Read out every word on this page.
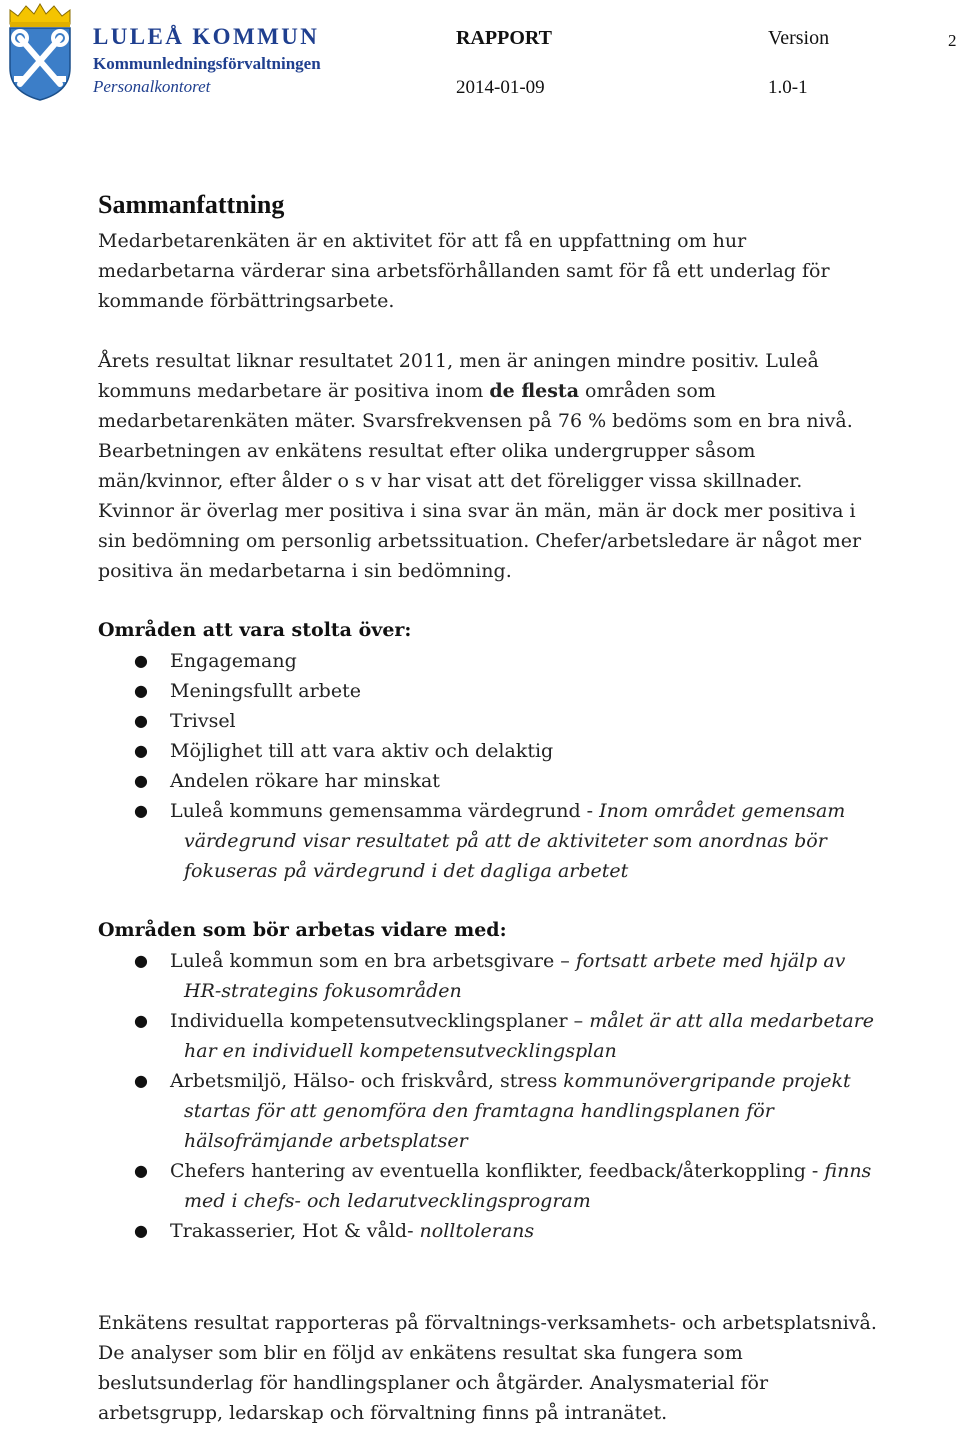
LULEÅ KOMMUN
Kommunledningsförvaltningen
Personalkontoret
RAPPORT	Version	2
2014-01-09	1.0-1
Sammanfattning

Medarbetarenkäten är en aktivitet för att få en uppfattning om hur medarbetarna värderar sina arbetsförhållanden samt för få ett underlag för kommande förbättringsarbete.

Årets resultat liknar resultatet 2011, men är aningen mindre positiv. Luleå kommuns medarbetare är positiva inom de flesta områden som medarbetarenkäten mäter. Svarsfrekvensen på 76 % bedöms som en bra nivå. Bearbetningen av enkätens resultat efter olika undergrupper såsom män/kvinnor, efter ålder o s v har visat att det föreligger vissa skillnader. Kvinnor är överlag mer positiva i sina svar än män, män är dock mer positiva i sin bedömning om personlig arbetssituation. Chefer/arbetsledare är något mer positiva än medarbetarna i sin bedömning.

Områden att vara stolta över:
● Engagemang
● Meningsfullt arbete
● Trivsel
● Möjlighet till att vara aktiv och delaktig
● Andelen rökare har minskat
● Luleå kommuns gemensamma värdegrund - Inom området gemensam värdegrund visar resultatet på att de aktiviteter som anordnas bör fokuseras på värdegrund i det dagliga arbetet
Områden som bör arbetas vidare med:
● Luleå kommun som en bra arbetsgivare – fortsatt arbete med hjälp av HR-strategins fokusområden
● Individuella kompetensutvecklingsplaner – målet är att alla medarbetare har en individuell kompetensutvecklingsplan
● Arbetsmiljö, Hälso- och friskvård, stress kommunövergripande projekt startas för att genomföra den framtagna handlingsplanen för hälsofrämjande arbetsplatser
● Chefers hantering av eventuella konflikter, feedback/återkoppling - finns med i chefs- och ledarutvecklingsprogram
● Trakasserier, Hot & våld- nolltolerans

Enkätens resultat rapporteras på förvaltnings-verksamhets- och arbetsplatsnivå. De analyser som blir en följd av enkätens resultat ska fungera som beslutsunderlag för handlingsplaner och åtgärder. Analysmaterial för arbetsgrupp, ledarskap och förvaltning finns på intranätet.
